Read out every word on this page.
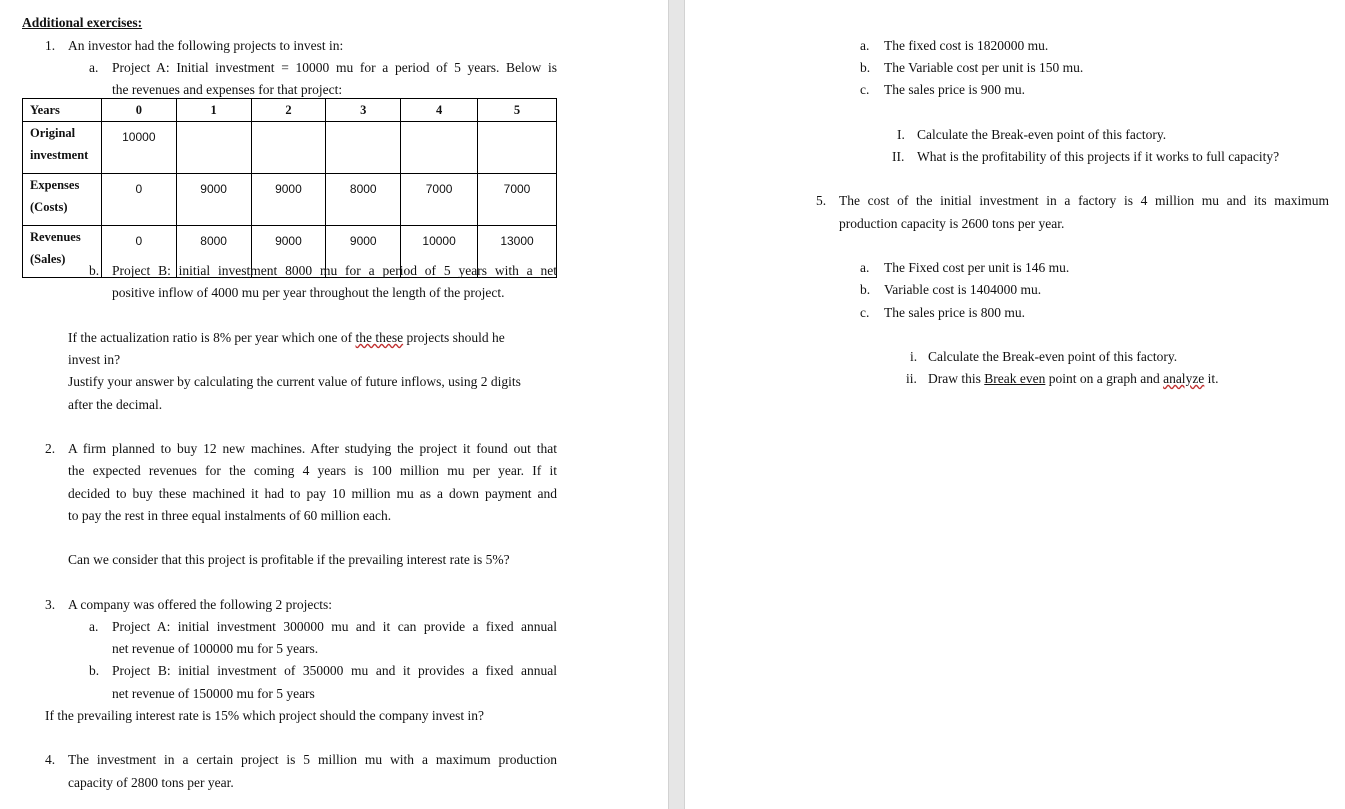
Additional exercises:
1. An investor had the following projects to invest in:
a. Project A: Initial investment = 10000 mu for a period of 5 years. Below is
the revenues and expenses for that project:
Years	0	1	2	3	4	5
Original investment	10000					
Expenses (Costs)	0	9000	9000	8000	7000	7000
Revenues (Sales)	0	8000	9000	9000	10000	13000
b. Project B: initial investment 8000 mu for a period of 5 years with a net
positive inflow of 4000 mu per year throughout the length of the project.
If the actualization ratio is 8% per year which one of the these projects should he
invest in?
Justify your answer by calculating the current value of future inflows, using 2 digits
after the decimal.
2. A firm planned to buy 12 new machines. After studying the project it found out that
the expected revenues for the coming 4 years is 100 million mu per year. If it
decided to buy these machined it had to pay 10 million mu as a down payment and
to pay the rest in three equal instalments of 60 million each.
Can we consider that this project is profitable if the prevailing interest rate is 5%?
3. A company was offered the following 2 projects:
a. Project A: initial investment 300000 mu and it can provide a fixed annual
net revenue of 100000 mu for 5 years.
b. Project B: initial investment of 350000 mu and it provides a fixed annual
net revenue of 150000 mu for 5 years
If the prevailing interest rate is 15% which project should the company invest in?
4. The investment in a certain project is 5 million mu with a maximum production
capacity of 2800 tons per year.
a. The fixed cost is 1820000 mu.
b. The Variable cost per unit is 150 mu.
c. The sales price is 900 mu.
I. Calculate the Break-even point of this factory.
II. What is the profitability of this projects if it works to full capacity?
5. The cost of the initial investment in a factory is 4 million mu and its maximum
production capacity is 2600 tons per year.
a. The Fixed cost per unit is 146 mu.
b. Variable cost is 1404000 mu.
c. The sales price is 800 mu.
i. Calculate the Break-even point of this factory.
ii. Draw this Break even point on a graph and analyze it.
